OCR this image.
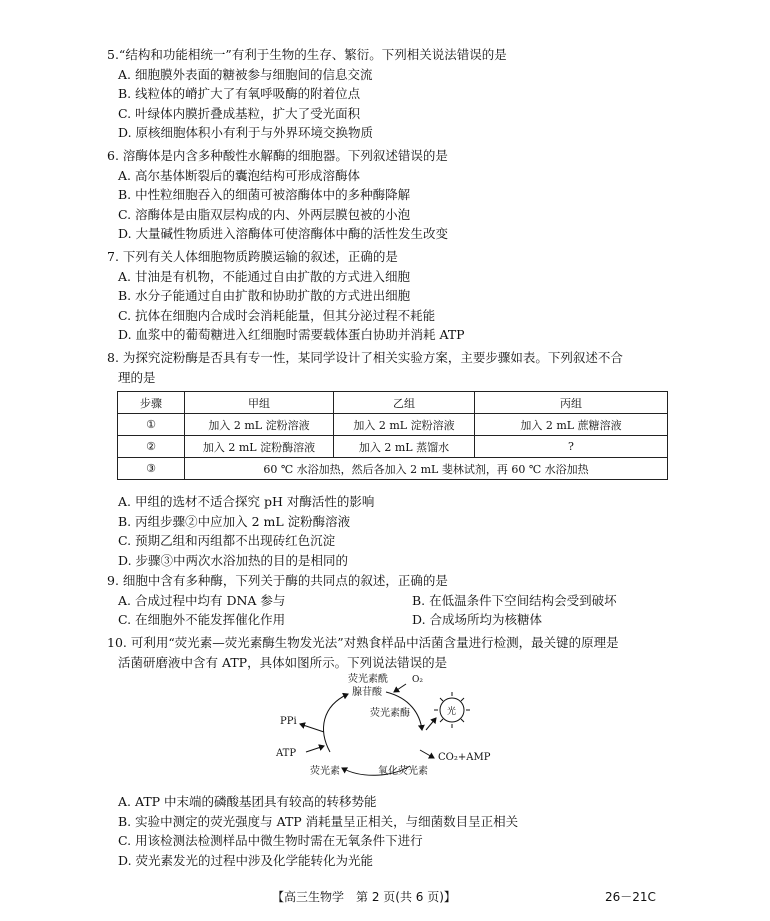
5.“结构和功能相统一”有利于生物的生存、繁衍。下列相关说法错误的是
A. 细胞膜外表面的糖被参与细胞间的信息交流
B. 线粒体的嵴扩大了有氧呼吸酶的附着位点
C. 叶绿体内膜折叠成基粒，扩大了受光面积
D. 原核细胞体积小有利于与外界环境交换物质
6. 溶酶体是内含多种酸性水解酶的细胞器。下列叙述错误的是
A. 高尔基体断裂后的囊泡结构可形成溶酶体
B. 中性粒细胞吞入的细菌可被溶酶体中的多种酶降解
C. 溶酶体是由脂双层构成的内、外两层膜包被的小泡
D. 大量碱性物质进入溶酶体可使溶酶体中酶的活性发生改变
7. 下列有关人体细胞物质跨膜运输的叙述，正确的是
A. 甘油是有机物，不能通过自由扩散的方式进入细胞
B. 水分子能通过自由扩散和协助扩散的方式进出细胞
C. 抗体在细胞内合成时会消耗能量，但其分泌过程不耗能
D. 血浆中的葡萄糖进入红细胞时需要载体蛋白协助并消耗 ATP
8. 为探究淀粉酶是否具有专一性，某同学设计了相关实验方案，主要步骤如表。下列叙述不合
理的是
步骤	甲组	乙组	丙组
①	加入 2 mL 淀粉溶液	加入 2 mL 淀粉溶液	加入 2 mL 蔗糖溶液
②	加入 2 mL 淀粉酶溶液	加入 2 mL 蒸馏水	?
③	60 ℃ 水浴加热，然后各加入 2 mL 斐林试剂，再 60 ℃ 水浴加热		
A. 甲组的选材不适合探究 pH 对酶活性的影响
B. 丙组步骤②中应加入 2 mL 淀粉酶溶液
C. 预期乙组和丙组都不出现砖红色沉淀
D. 步骤③中两次水浴加热的目的是相同的
9. 细胞中含有多种酶，下列关于酶的共同点的叙述，正确的是
A. 合成过程中均有 DNA 参与	B. 在低温条件下空间结构会受到破坏
C. 在细胞外不能发挥催化作用	D. 合成场所均为核糖体
10. 可利用“荧光素—荧光素酶生物发光法”对熟食样品中活菌含量进行检测，最关键的原理是
活菌研磨液中含有 ATP，具体如图所示。下列说法错误的是
荧光素酰
腺苷酸
O₂
荧光素酶	光
PPi
ATP	CO₂+AMP
荧光素	氧化荧光素
A. ATP 中末端的磷酸基团具有较高的转移势能
B. 实验中测定的荧光强度与 ATP 消耗量呈正相关，与细菌数目呈正相关
C. 用该检测法检测样品中微生物时需在无氧条件下进行
D. 荧光素发光的过程中涉及化学能转化为光能
【高三生物学　第 2 页(共 6 页)】	26－21C
